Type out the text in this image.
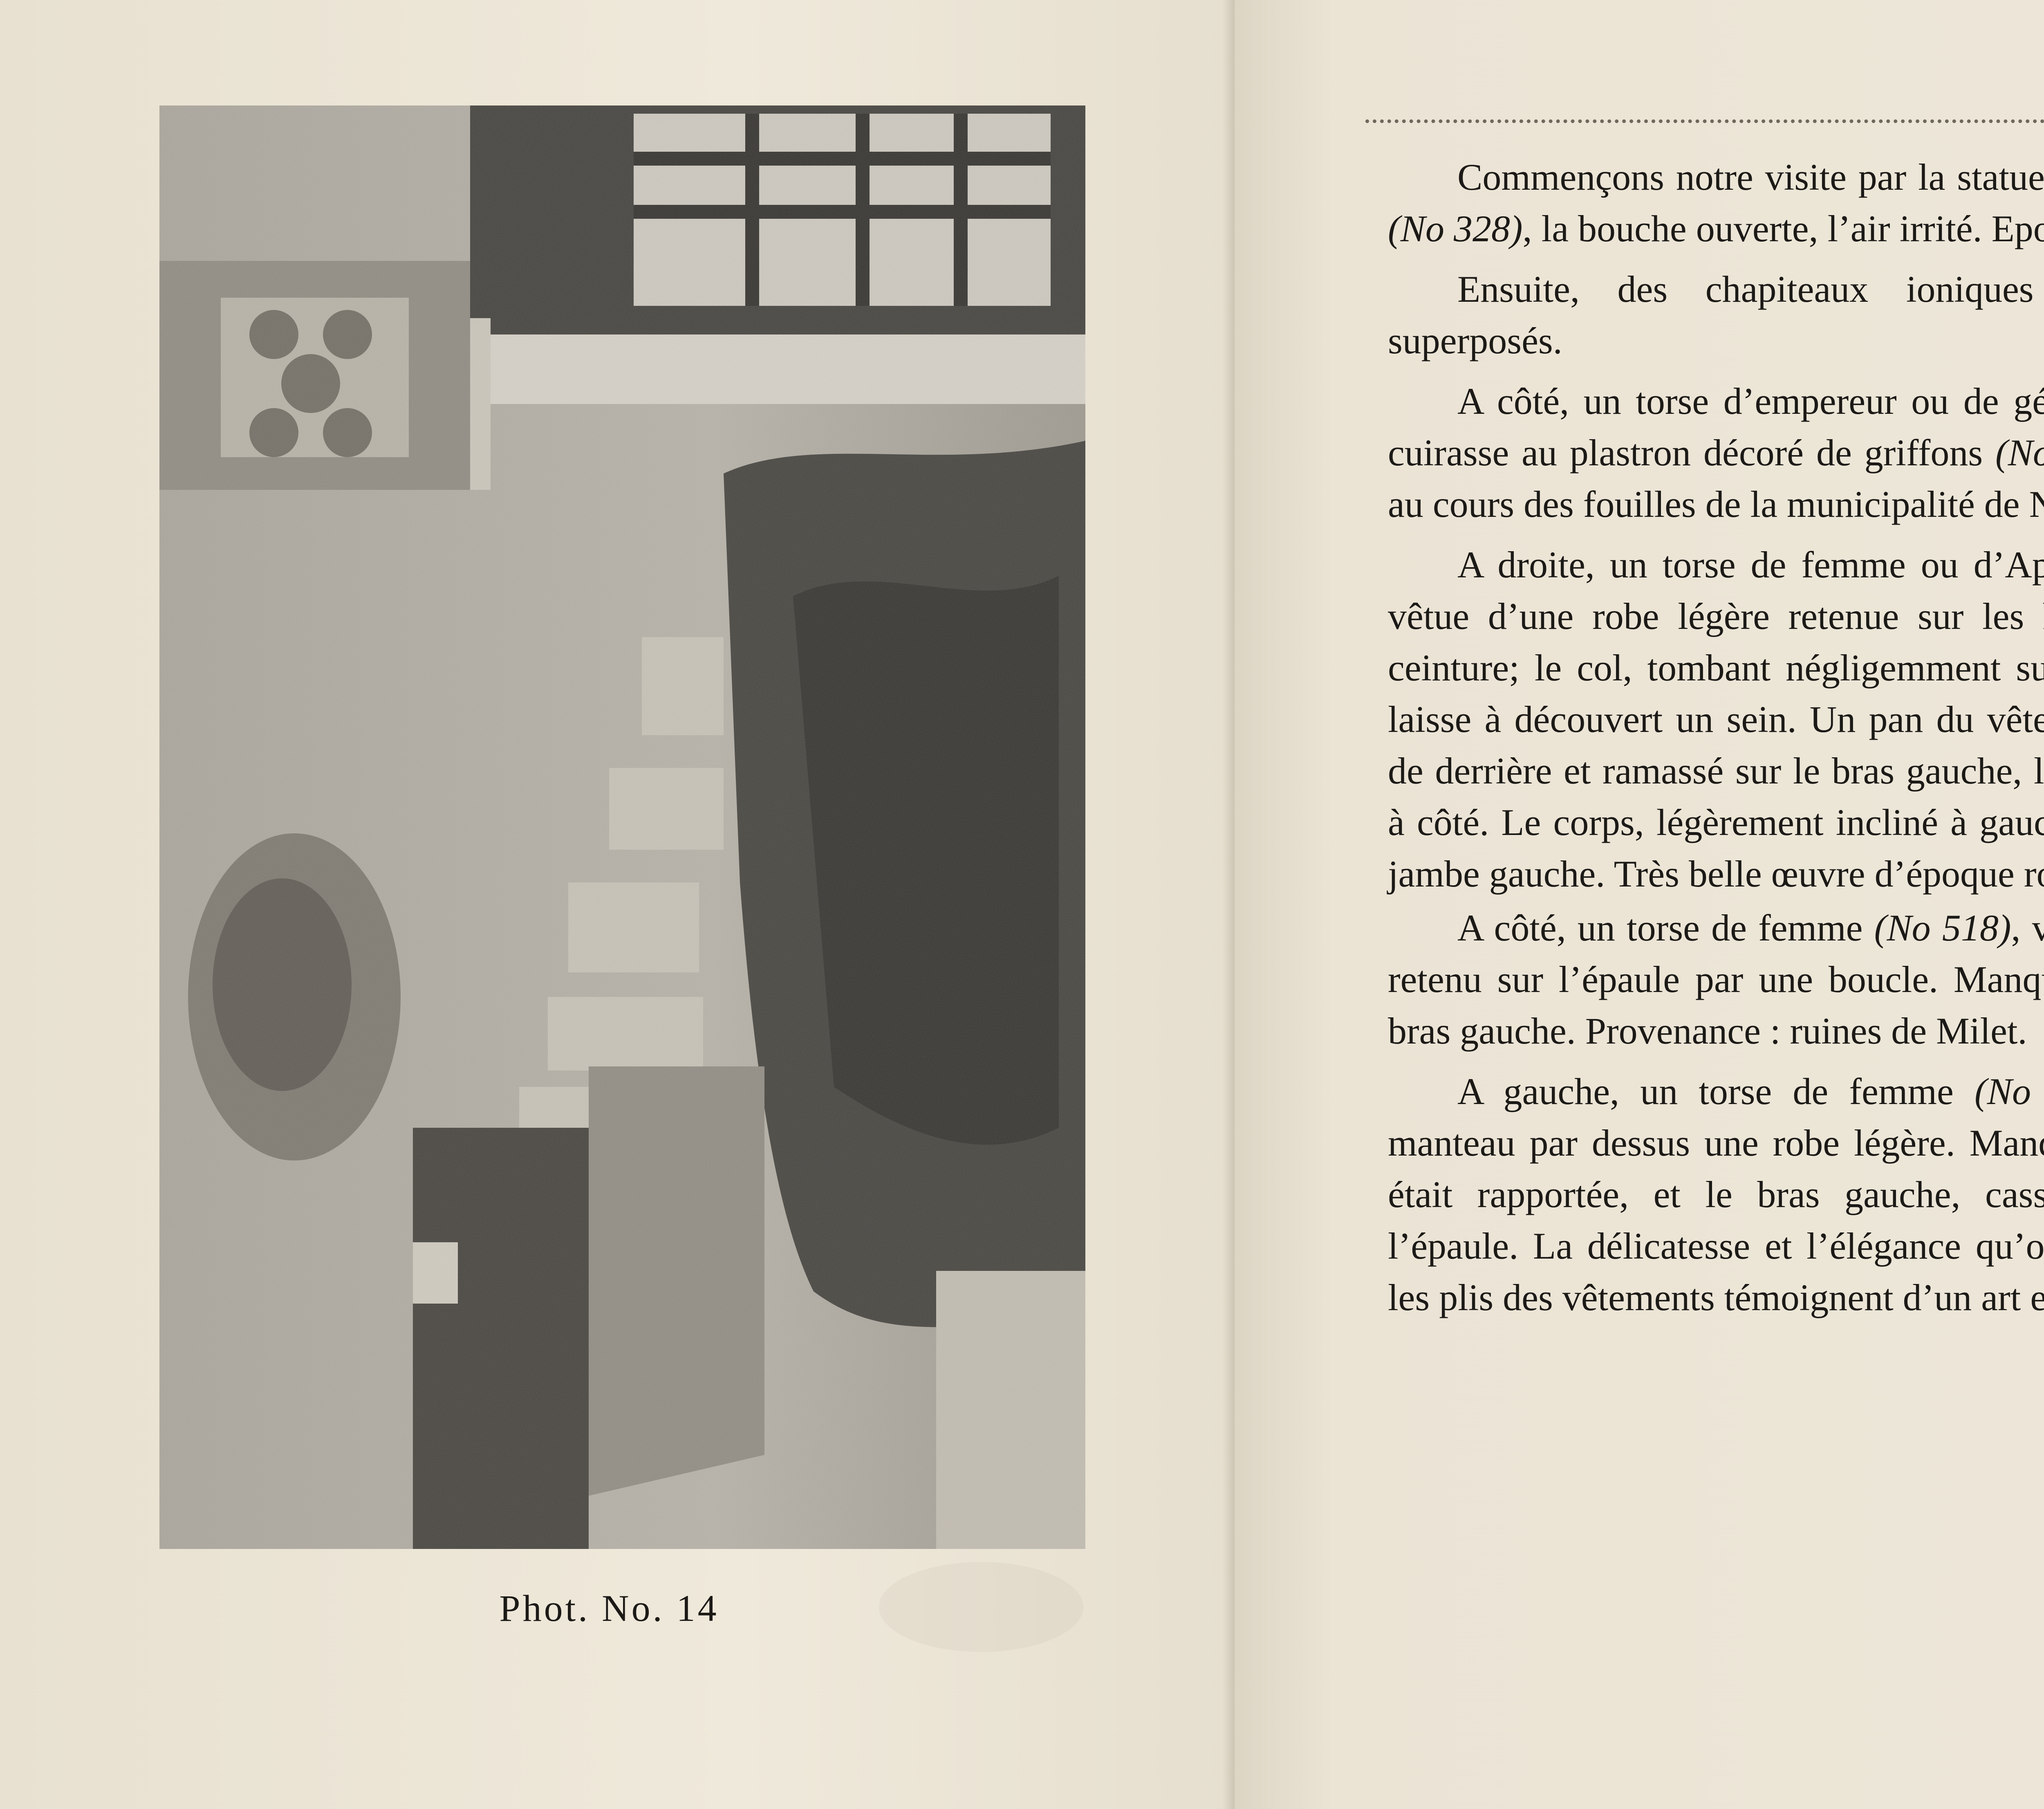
Phot. No. 14

Commençons notre visite par la statue (No 328), la bouche ouverte, l’air irrité. Epo

Ensuite, des chapiteaux ioniques superposés.

A côté, un torse d’empereur ou de gé cuirasse au plastron décoré de griffons (N au cours des fouilles de la municipalité de N

A droite, un torse de femme ou d’Ap vêtue d’une robe légère retenue sur les ceinture; le col, tombant négligemment su laisse à découvert un sein. Un pan du vête de derrière et ramassé sur le bras gauche, l à côté. Le corps, légèrement incliné à gauc jambe gauche. Très belle œuvre d’époque r

A côté, un torse de femme (No 518), v retenu sur l’épaule par une boucle. Manq bras gauche. Provenance : ruines de Milet.

A gauche, un torse de femme (No manteau par dessus une robe légère. Man était rapportée, et le bras gauche, cass l’épaule. La délicatesse et l’élégance qu’o les plis des vêtements témoignent d’un art e
